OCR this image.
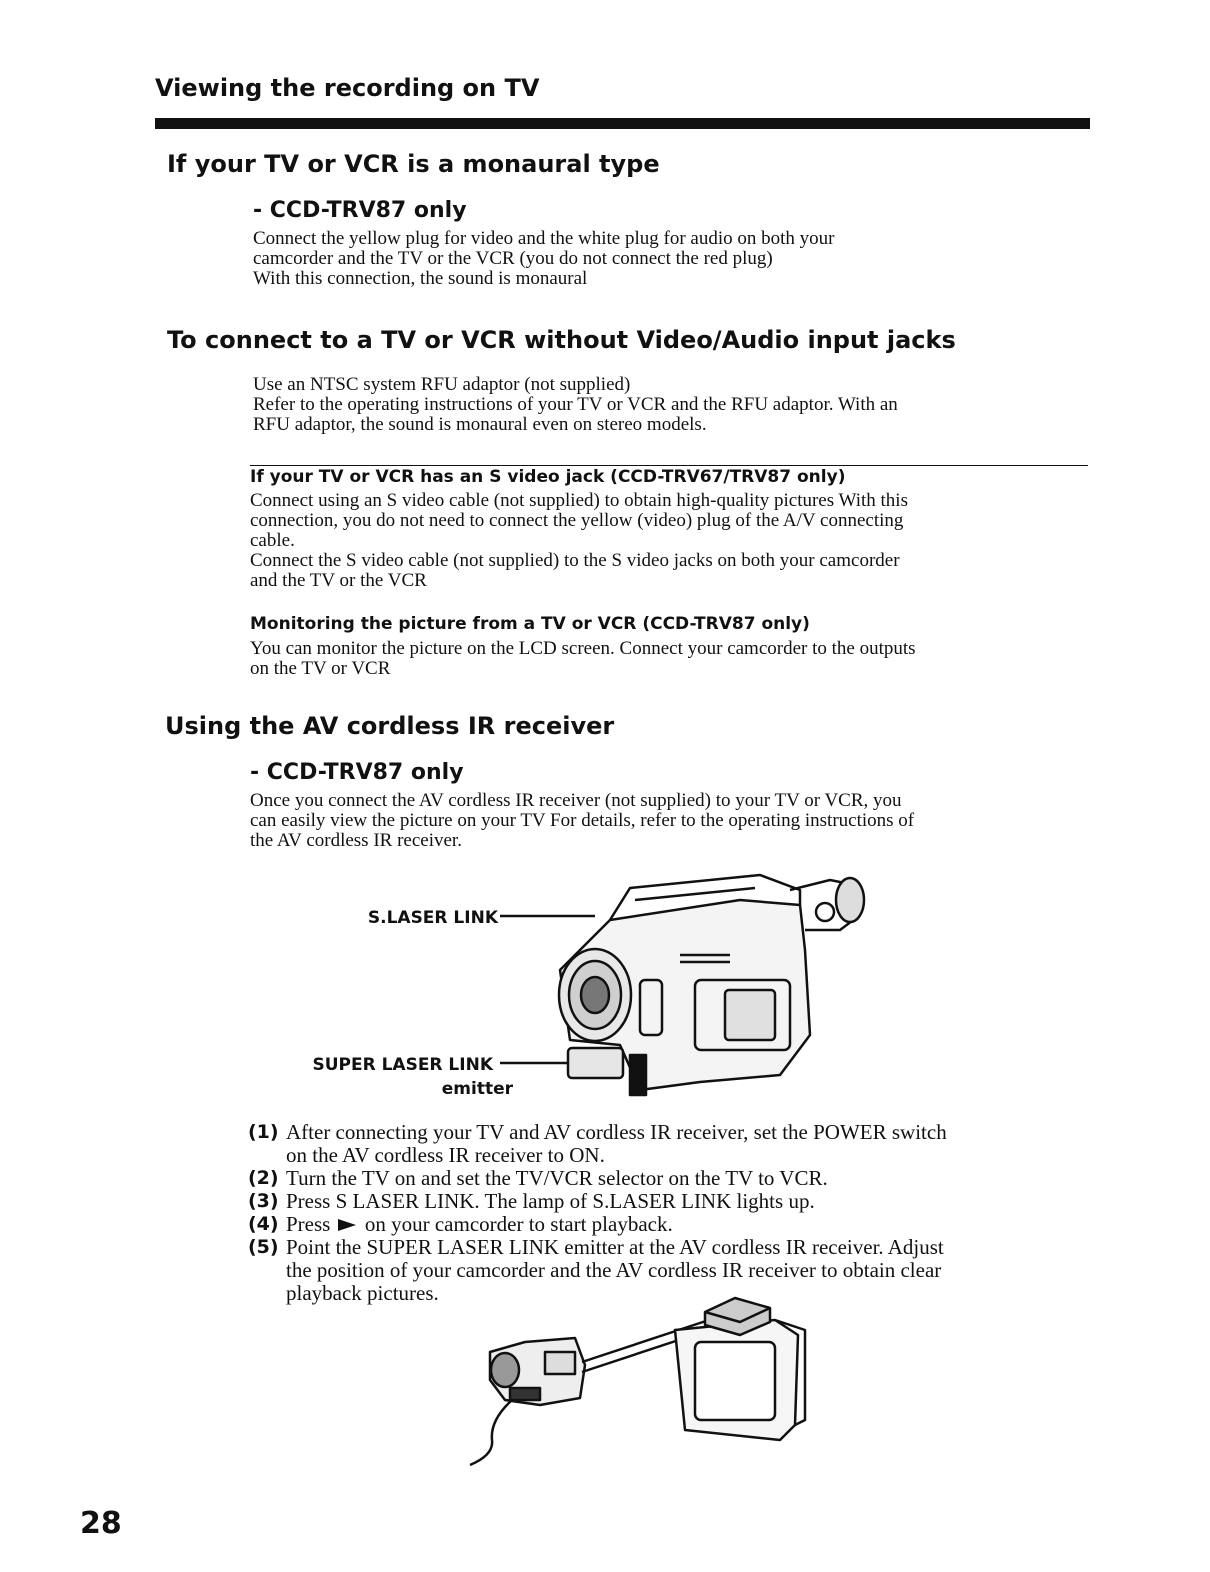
Viewing the recording on TV
If your TV or VCR is a monaural type
- CCD-TRV87 only

Connect the yellow plug for video and the white plug for audio on both your

camcorder and the TV or the VCR (you do not connect the red plug)

With this connection, the sound is monaural

To connect to a TV or VCR without Video/Audio input jacks

Use an NTSC system RFU adaptor (not supplied)

Refer to the operating instructions of your TV or VCR and the RFU adaptor. With an

RFU adaptor, the sound is monaural even on stereo models.

If your TV or VCR has an S video jack (CCD-TRV67/TRV87 only)

Connect using an S video cable (not supplied) to obtain high-quality pictures With this

connection, you do not need to connect the yellow (video) plug of the A/V connecting

cable.

Connect the S video cable (not supplied) to the S video jacks on both your camcorder

and the TV or the VCR

Monitoring the picture from a TV or VCR (CCD-TRV87 only)

You can monitor the picture on the LCD screen. Connect your camcorder to the outputs

on the TV or VCR

Using the AV cordless IR receiver
- CCD-TRV87 only

Once you connect the AV cordless IR receiver (not supplied) to your TV or VCR, you

can easily view the picture on your TV For details, refer to the operating instructions of

the AV cordless IR receiver.

S.LASER LINK
SUPER LASER LINK
emitter
(1) After connecting your TV and AV cordless IR receiver, set the POWER switch
on the AV cordless IR receiver to ON.
(2) Turn the TV on and set the TV/VCR selector on the TV to VCR.
(3) Press S LASER LINK. The lamp of S.LASER LINK lights up.
(4) Press on your camcorder to start playback.
(5) Point the SUPER LASER LINK emitter at the AV cordless IR receiver. Adjust
the position of your camcorder and the AV cordless IR receiver to obtain clear
playback pictures.
28
